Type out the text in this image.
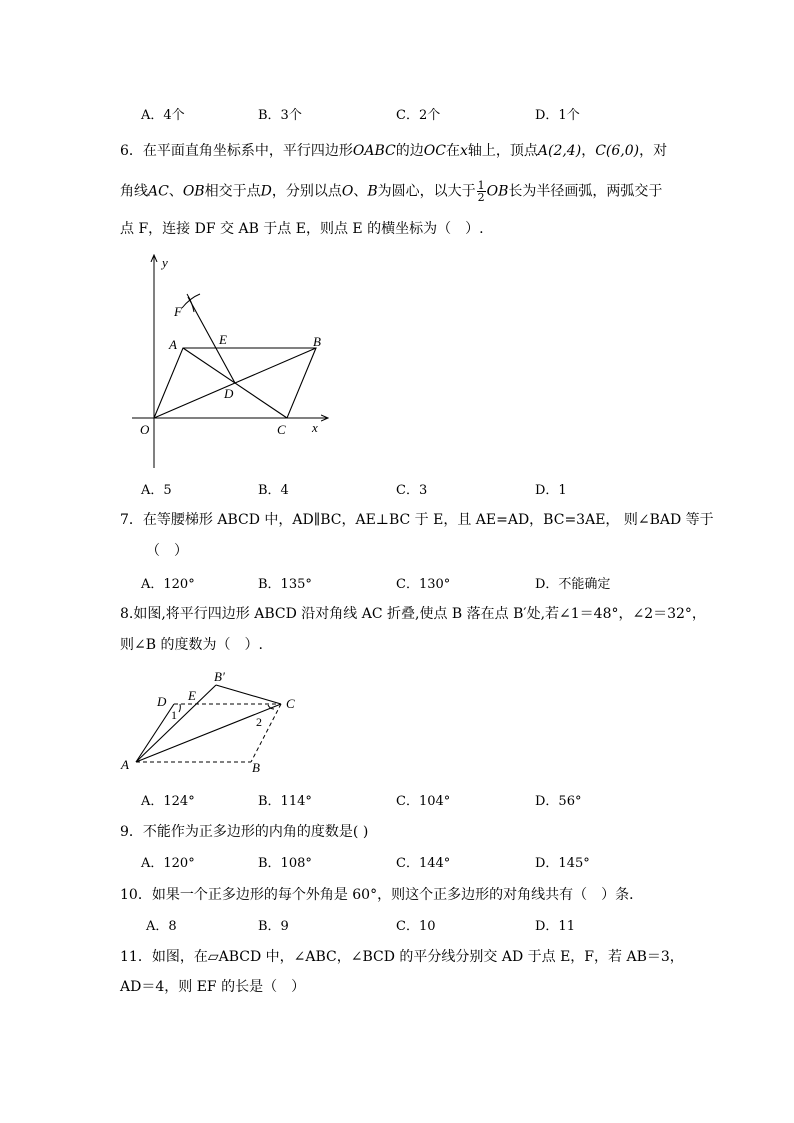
A．4个	B．3个	C．2个	D．1个
6．在平面直角坐标系中，平行四边形OABC的边OC在x轴上，顶点A(2,4)，C(6,0)，对
角线AC、OB相交于点D，分别以点O、B为圆心，以大于 $\frac{1}{2}$ OB长为半径画弧，两弧交于
点 F，连接 DF 交 AB 于点 E，则点 E 的横坐标为（　）.
y
x
O
A	B
C
D
E
F
A．5	B．4	C．3	D．1
7．在等腰梯形 ABCD 中，AD∥BC，AE⊥BC 于 E，且 AE=AD，BC=3AE， 则∠BAD 等于
（　）
A．120°	B．135°	C．130°	D．不能确定
8.如图,将平行四边形 ABCD 沿对角线 AC 折叠,使点 B 落在点 B′处,若∠1＝48°，∠2＝32°，
则∠B 的度数为（　）.
A	B
C
D E
B′
1	2
A．124°	B．114°	C．104°	D．56°
9．不能作为正多边形的内角的度数是( )
A．120°	B．108°	C．144°	D．145°
10．如果一个正多边形的每个外角是 60°，则这个正多边形的对角线共有（　）条．
A．8	B．9	C．10	D．11
11．如图，在▱ABCD 中，∠ABC，∠BCD 的平分线分别交 AD 于点 E，F，若 AB＝3，
AD＝4，则 EF 的长是（　）
